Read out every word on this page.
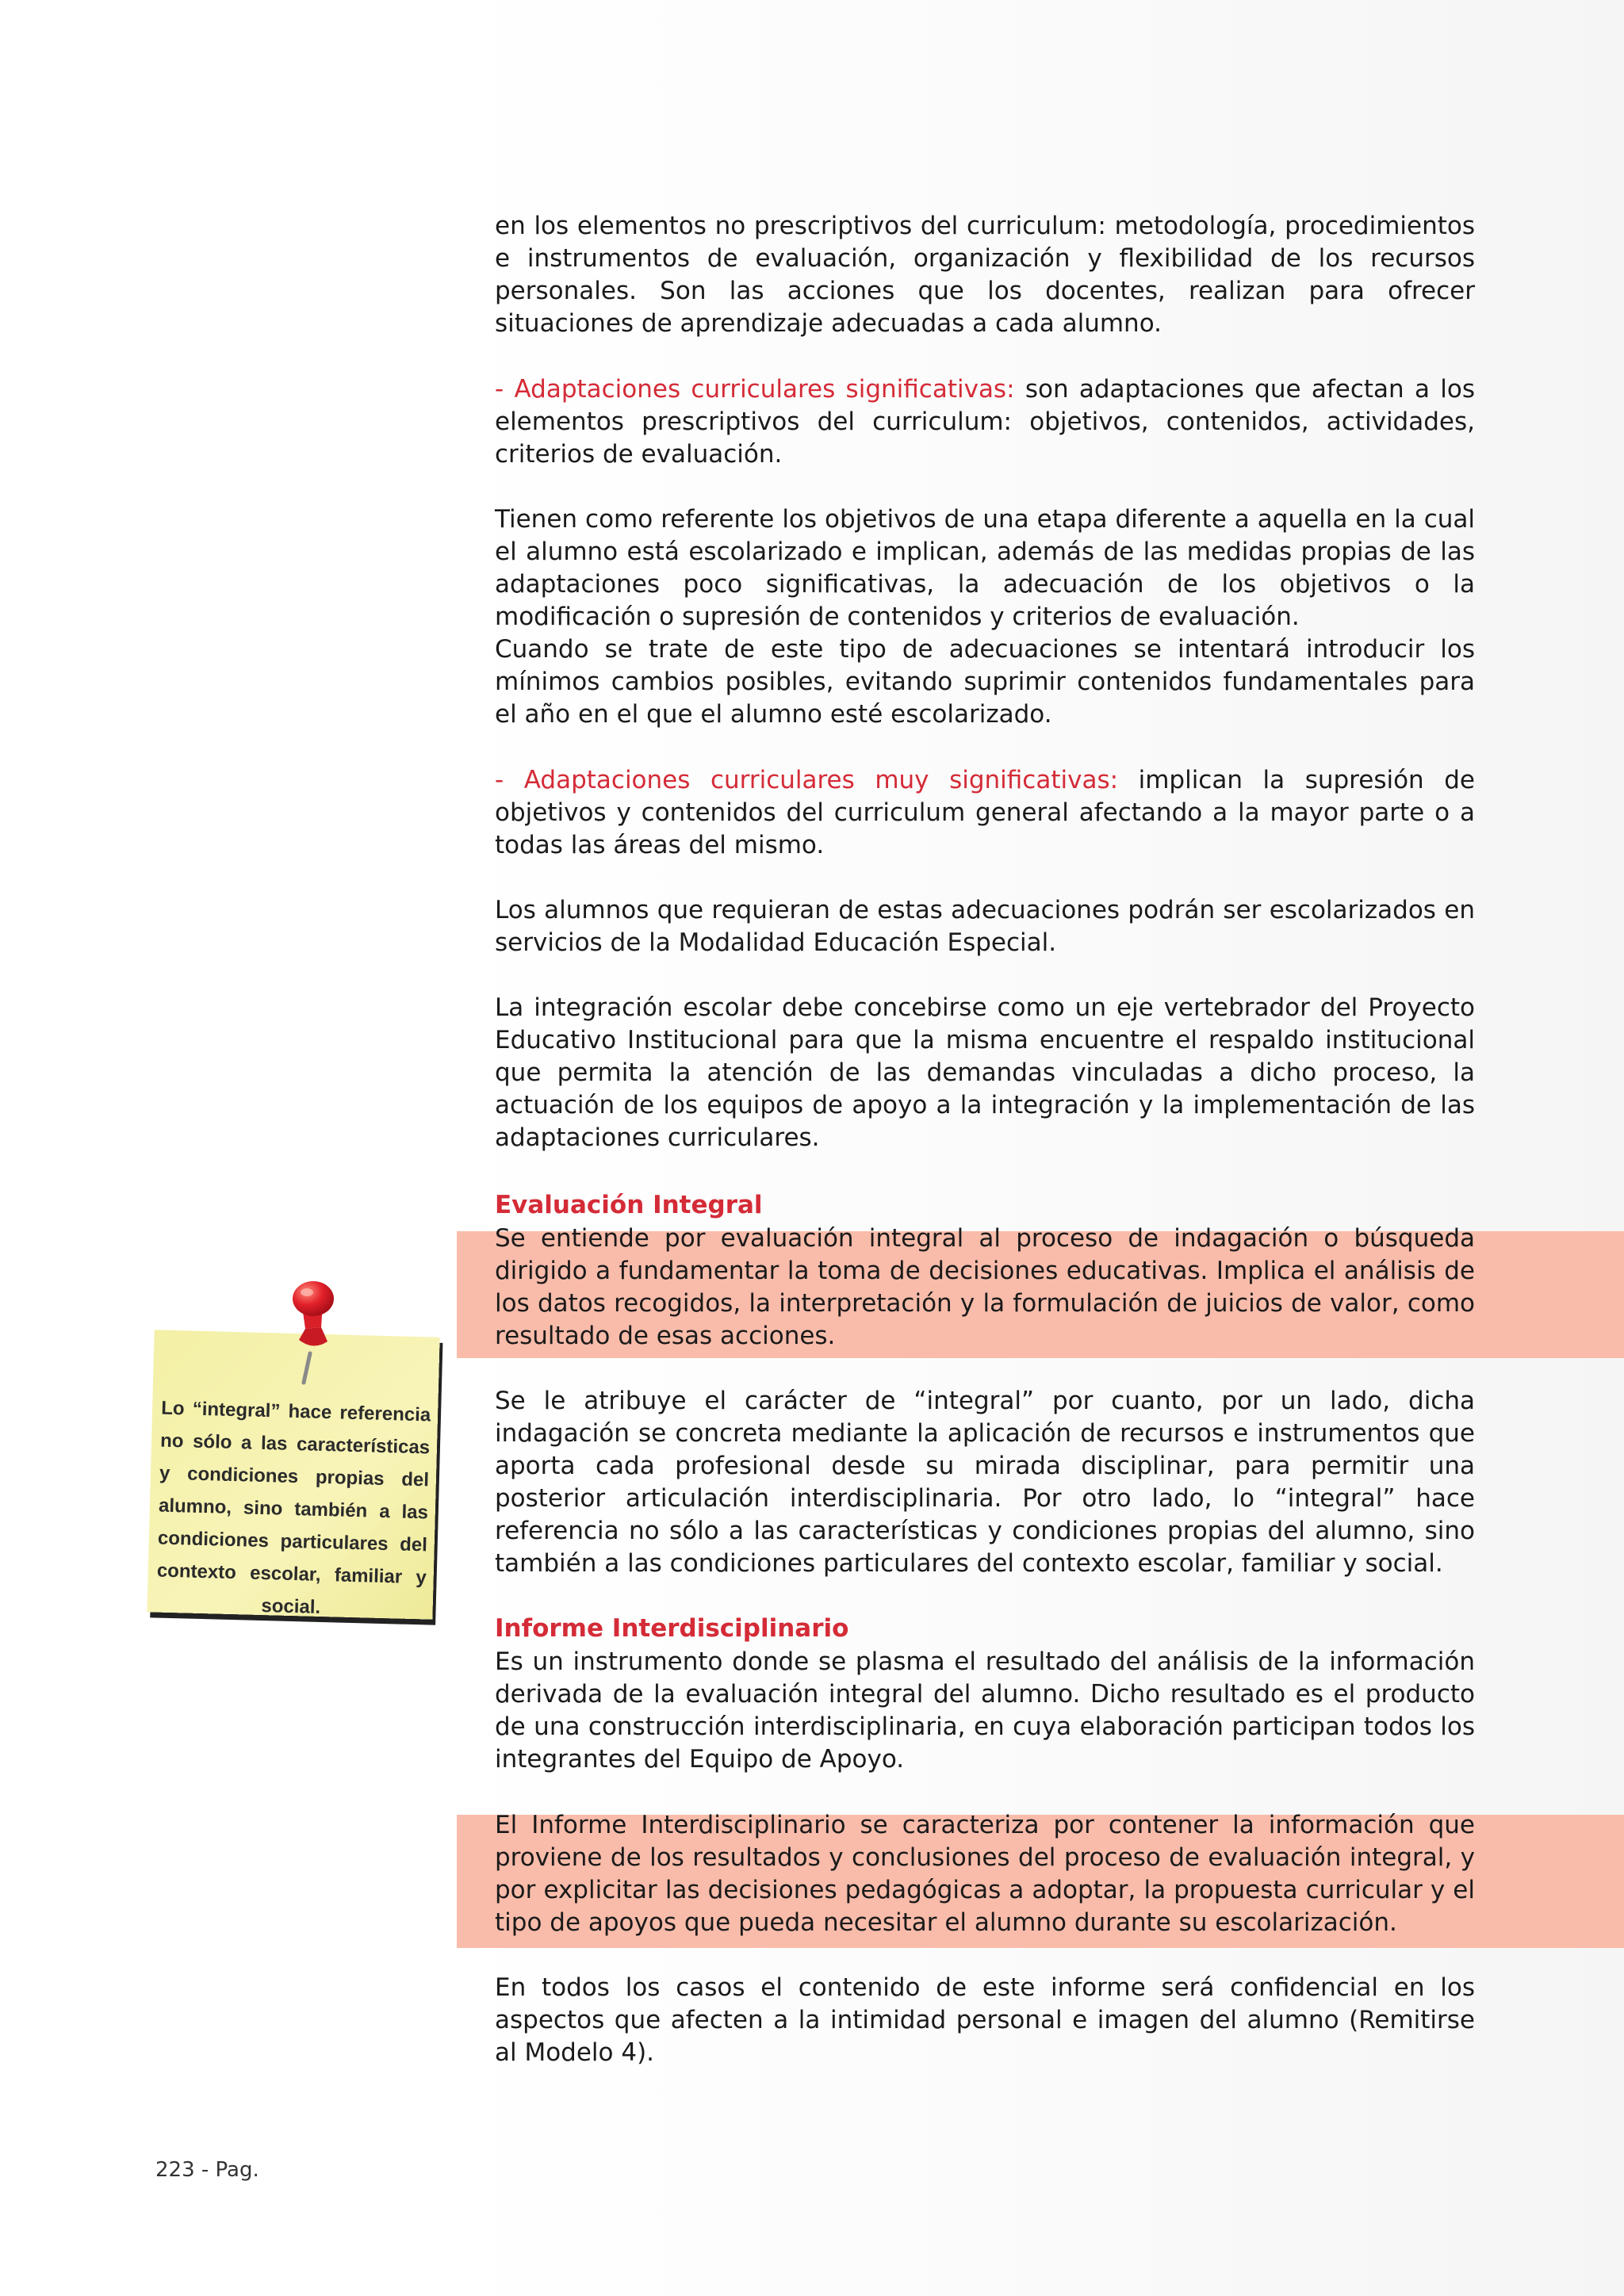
en los elementos no prescriptivos del curriculum: metodología, procedimientos e instrumentos de evaluación, organización y flexibilidad de los recursos personales. Son las acciones que los docentes, realizan para ofrecer situaciones de aprendizaje adecuadas a cada alumno.

- Adaptaciones curriculares significativas: son adaptaciones que afectan a los elementos prescriptivos del curriculum: objetivos, contenidos, actividades, criterios de evaluación.

Tienen como referente los objetivos de una etapa diferente a aquella en la cual el alumno está escolarizado e implican, además de las medidas propias de las adaptaciones poco significativas, la adecuación de los objetivos o la modificación o supresión de contenidos y criterios de evaluación.

Cuando se trate de este tipo de adecuaciones se intentará introducir los mínimos cambios posibles, evitando suprimir contenidos fundamentales para el año en el que el alumno esté escolarizado.

- Adaptaciones curriculares muy significativas: implican la supresión de objetivos y contenidos del curriculum general afectando a la mayor parte o a todas las áreas del mismo.

Los alumnos que requieran de estas adecuaciones podrán ser escolarizados en servicios de la Modalidad Educación Especial.

La integración escolar debe concebirse como un eje vertebrador del Proyecto Educativo Institucional para que la misma encuentre el respaldo institucional que permita la atención de las demandas vinculadas a dicho proceso, la actuación de los equipos de apoyo a la integración y la implementación de las adaptaciones curriculares.

Evaluación Integral

Se entiende por evaluación integral al proceso de indagación o búsqueda dirigido a fundamentar la toma de decisiones educativas. Implica el análisis de los datos recogidos, la interpretación y la formulación de juicios de valor, como resultado de esas acciones.

Se le atribuye el carácter de “integral” por cuanto, por un lado, dicha indagación se concreta mediante la aplicación de recursos e instrumentos que aporta cada profesional desde su mirada disciplinar, para permitir una posterior articulación interdisciplinaria. Por otro lado, lo “integral” hace referencia no sólo a las características y condiciones propias del alumno, sino también a las condiciones particulares del contexto escolar, familiar y social.

Informe Interdisciplinario

Es un instrumento donde se plasma el resultado del análisis de la información derivada de la evaluación integral del alumno. Dicho resultado es el producto de una construcción interdisciplinaria, en cuya elaboración participan todos los integrantes del Equipo de Apoyo.

El Informe Interdisciplinario se caracteriza por contener la información que proviene de los resultados y conclusiones del proceso de evaluación integral, y por explicitar las decisiones pedagógicas a adoptar, la propuesta curricular y el tipo de apoyos que pueda necesitar el alumno durante su escolarización.

En todos los casos el contenido de este informe será confidencial en los aspectos que afecten a la intimidad personal e imagen del alumno (Remitirse al Modelo 4).

Lo “integral” hace referencia no sólo a las características y condiciones propias del alumno, sino también a las condiciones particulares del contexto escolar, familiar y social.
223 - Pag.
